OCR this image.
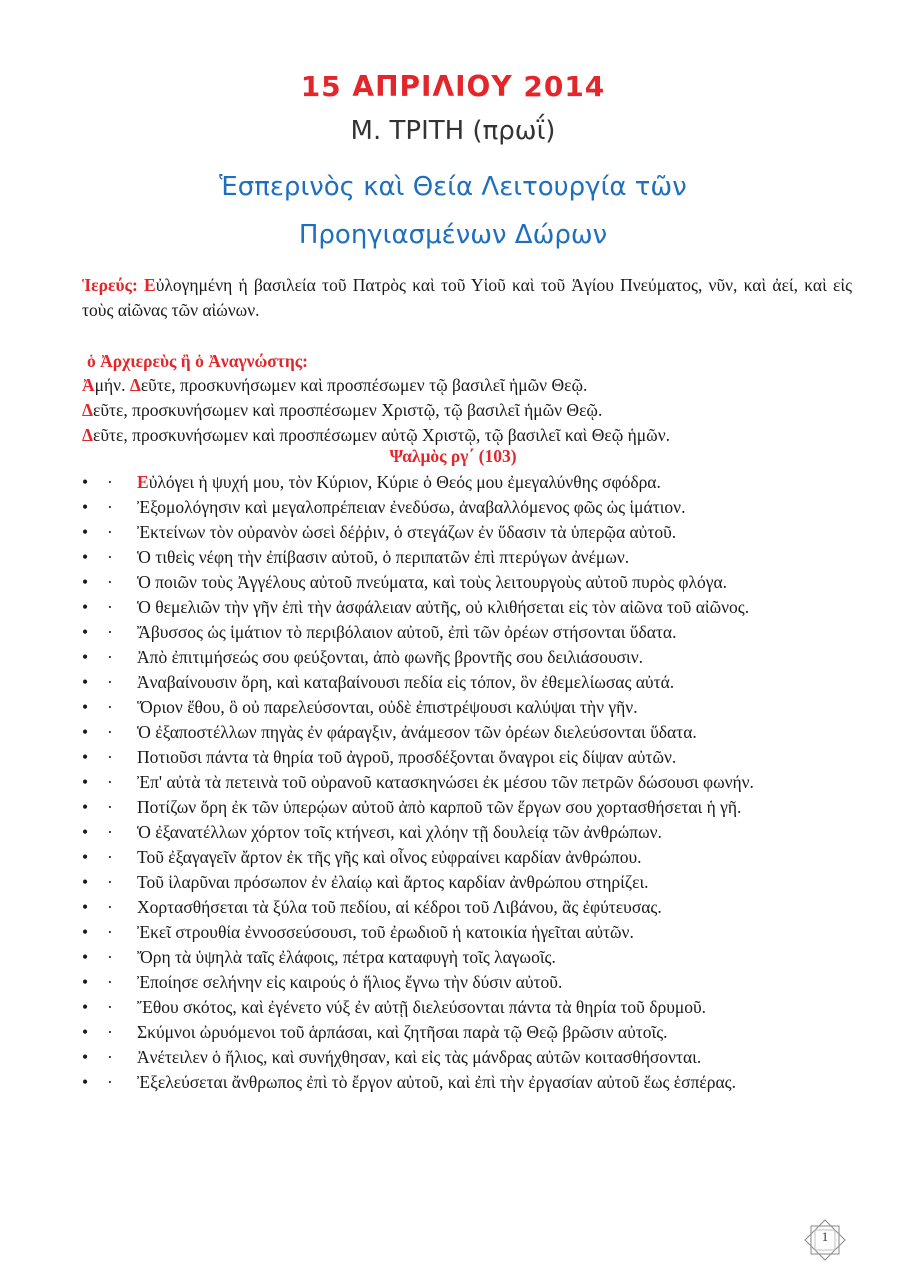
15 ΑΠΡΙΛΙΟΥ 2014
Μ. ΤΡΙΤΗ (πρωΐ)
Ἑσπερινὸς καὶ Θεία Λειτουργία τῶν Προηγιασμένων Δώρων
Ἱερεύς: Εὐλογημένη ἡ βασιλεία τοῦ Πατρὸς καὶ τοῦ Υἱοῦ καὶ τοῦ Ἁγίου Πνεύματος, νῦν, καὶ ἀεί, καὶ εἰς τοὺς αἰῶνας τῶν αἰώνων.
ὁ Ἀρχιερεὺς ἢ ὁ Ἀναγνώστης:
Ἀμήν. Δεῦτε, προσκυνήσωμεν καὶ προσπέσωμεν τῷ βασιλεῖ ἡμῶν Θεῷ.
Δεῦτε, προσκυνήσωμεν καὶ προσπέσωμεν Χριστῷ, τῷ βασιλεῖ ἡμῶν Θεῷ.
Δεῦτε, προσκυνήσωμεν καὶ προσπέσωμεν αὐτῷ Χριστῷ, τῷ βασιλεῖ καὶ Θεῷ ἡμῶν.
Ψαλμὸς ργ΄ (103)
• · Εὐλόγει ἡ ψυχή μου, τὸν Κύριον, Κύριε ὁ Θεός μου ἐμεγαλύνθης σφόδρα.
• · Ἐξομολόγησιν καὶ μεγαλοπρέπειαν ἐνεδύσω, ἀναβαλλόμενος φῶς ὡς ἱμάτιον.
• · Ἐκτείνων τὸν οὐρανὸν ὡσεὶ δέῤῥιν, ὁ στεγάζων ἐν ὕδασιν τὰ ὑπερῷα αὐτοῦ.
• · Ὁ τιθεὶς νέφη τὴν ἐπίβασιν αὐτοῦ, ὁ περιπατῶν ἐπὶ πτερύγων ἀνέμων.
• · Ὁ ποιῶν τοὺς Ἀγγέλους αὐτοῦ πνεύματα, καὶ τοὺς λειτουργοὺς αὐτοῦ πυρὸς φλόγα.
• · Ὁ θεμελιῶν τὴν γῆν ἐπὶ τὴν ἀσφάλειαν αὐτῆς, οὐ κλιθήσεται εἰς τὸν αἰῶνα τοῦ αἰῶνος.
• · Ἄβυσσος ὡς ἱμάτιον τὸ περιβόλαιον αὐτοῦ, ἐπὶ τῶν ὀρέων στήσονται ὕδατα.
• · Ἀπὸ ἐπιτιμήσεώς σου φεύξονται, ἀπὸ φωνῆς βροντῆς σου δειλιάσουσιν.
• · Ἀναβαίνουσιν ὄρη, καὶ καταβαίνουσι πεδία εἰς τόπον, ὃν ἐθεμελίωσας αὐτά.
• · Ὅριον ἔθου, ὃ οὐ παρελεύσονται, οὐδὲ ἐπιστρέψουσι καλύψαι τὴν γῆν.
• · Ὁ ἐξαποστέλλων πηγὰς ἐν φάραγξιν, ἀνάμεσον τῶν ὀρέων διελεύσονται ὕδατα.
• · Ποτιοῦσι πάντα τὰ θηρία τοῦ ἀγροῦ, προσδέξονται ὄναγροι εἰς δίψαν αὐτῶν.
• · Ἐπ' αὐτὰ τὰ πετεινὰ τοῦ οὐρανοῦ κατασκηνώσει ἐκ μέσου τῶν πετρῶν δώσουσι φωνήν.
• · Ποτίζων ὄρη ἐκ τῶν ὑπερῴων αὐτοῦ ἀπὸ καρποῦ τῶν ἔργων σου χορτασθήσεται ἡ γῆ.
• · Ὁ ἐξανατέλλων χόρτον τοῖς κτήνεσι, καὶ χλόην τῇ δουλείᾳ τῶν ἀνθρώπων.
• · Τοῦ ἐξαγαγεῖν ἄρτον ἐκ τῆς γῆς καὶ οἶνος εὐφραίνει καρδίαν ἀνθρώπου.
• · Τοῦ ἱλαρῦναι πρόσωπον ἐν ἐλαίῳ καὶ ἄρτος καρδίαν ἀνθρώπου στηρίζει.
• · Χορτασθήσεται τὰ ξύλα τοῦ πεδίου, αἱ κέδροι τοῦ Λιβάνου, ἃς ἐφύτευσας.
• · Ἐκεῖ στρουθία ἐννοσσεύσουσι, τοῦ ἐρωδιοῦ ἡ κατοικία ἡγεῖται αὐτῶν.
• · Ὄρη τὰ ὑψηλὰ ταῖς ἐλάφοις, πέτρα καταφυγὴ τοῖς λαγωοῖς.
• · Ἐποίησε σελήνην εἰς καιρούς ὁ ἥλιος ἔγνω τὴν δύσιν αὐτοῦ.
• · Ἔθου σκότος, καὶ ἐγένετο νύξ ἐν αὐτῇ διελεύσονται πάντα τὰ θηρία τοῦ δρυμοῦ.
• · Σκύμνοι ὠρυόμενοι τοῦ ἁρπάσαι, καὶ ζητῆσαι παρὰ τῷ Θεῷ βρῶσιν αὐτοῖς.
• · Ἀνέτειλεν ὁ ἥλιος, καὶ συνήχθησαν, καὶ εἰς τὰς μάνδρας αὐτῶν κοιτασθήσονται.
• · Ἐξελεύσεται ἄνθρωπος ἐπὶ τὸ ἔργον αὐτοῦ, καὶ ἐπὶ τὴν ἐργασίαν αὐτοῦ ἕως ἑσπέρας.
1
